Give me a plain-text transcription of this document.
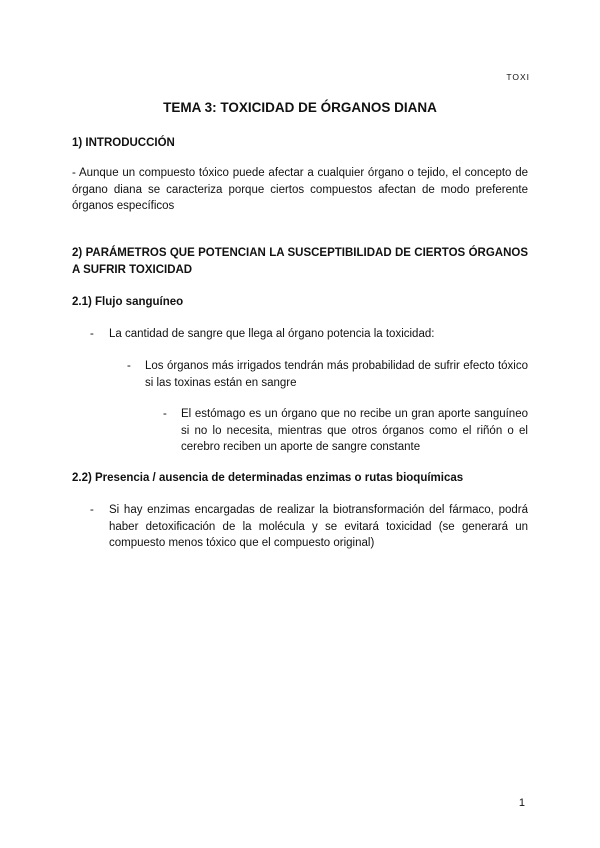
TOXI
TEMA 3: TOXICIDAD DE ÓRGANOS DIANA
1) INTRODUCCIÓN
- Aunque un compuesto tóxico puede afectar a cualquier órgano o tejido, el concepto de órgano diana se caracteriza porque ciertos compuestos afectan de modo preferente órganos específicos
2) PARÁMETROS QUE POTENCIAN LA SUSCEPTIBILIDAD DE CIERTOS ÓRGANOS A SUFRIR TOXICIDAD
2.1) Flujo sanguíneo
- La cantidad de sangre que llega al órgano potencia la toxicidad:
- Los órganos más irrigados tendrán más probabilidad de sufrir efecto tóxico si las toxinas están en sangre
- El estómago es un órgano que no recibe un gran aporte sanguíneo si no lo necesita, mientras que otros órganos como el riñón o el cerebro reciben un aporte de sangre constante
2.2) Presencia / ausencia de determinadas enzimas o rutas bioquímicas
- Si hay enzimas encargadas de realizar la biotransformación del fármaco, podrá haber detoxificación de la molécula y se evitará toxicidad (se generará un compuesto menos tóxico que el compuesto original)
1
